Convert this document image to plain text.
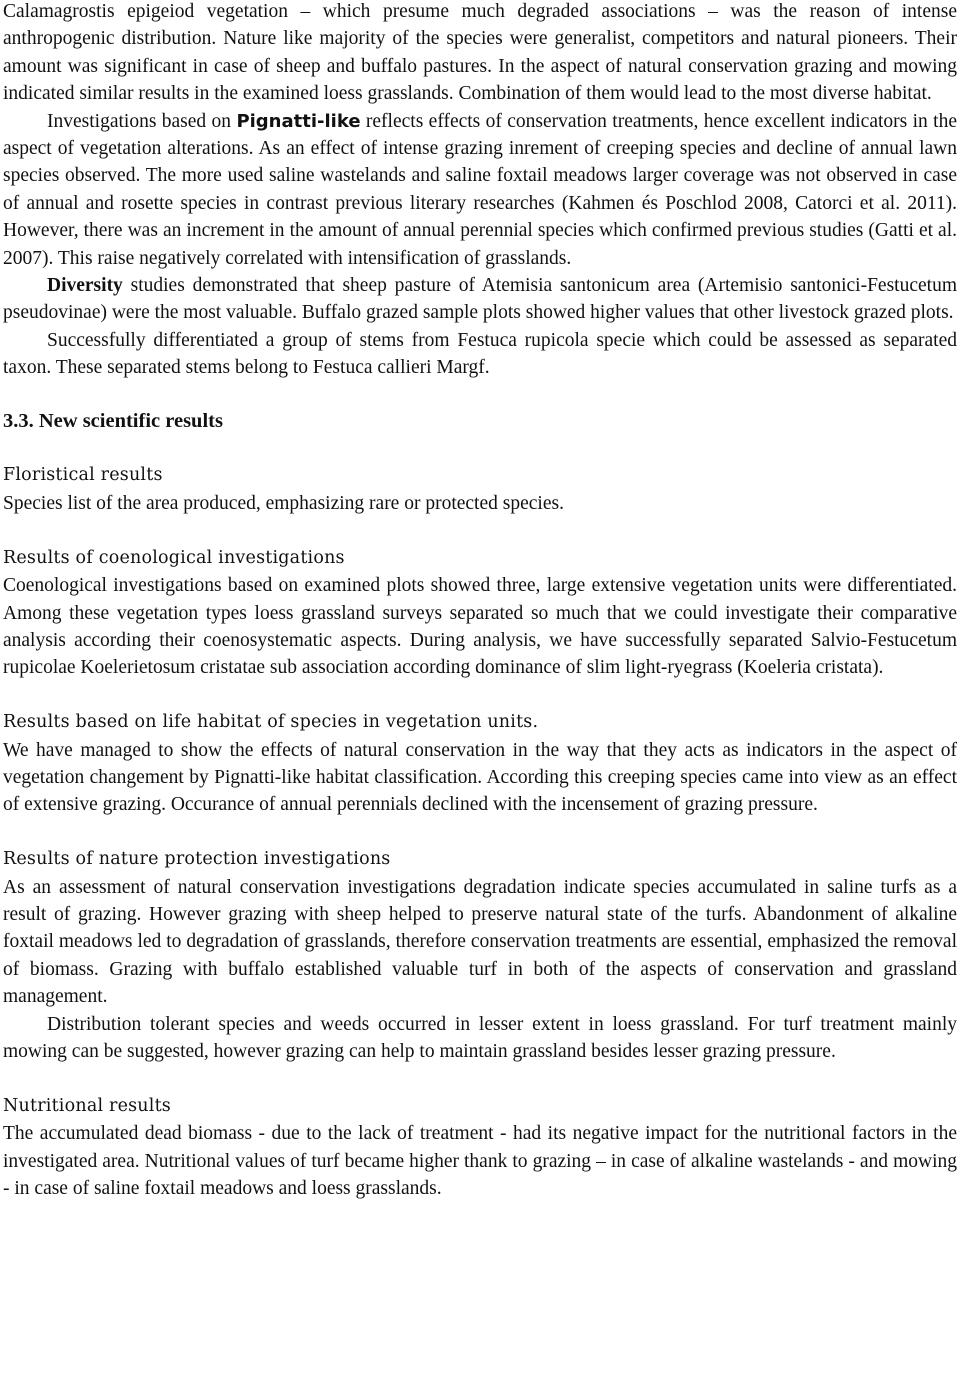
Calamagrostis epigeiod vegetation – which presume much degraded associations – was the reason of intense anthropogenic distribution. Nature like majority of the species were generalist, competitors and natural pioneers. Their amount was significant in case of sheep and buffalo pastures. In the aspect of natural conservation grazing and mowing indicated similar results in the examined loess grasslands. Combination of them would lead to the most diverse habitat.

Investigations based on Pignatti-like reflects effects of conservation treatments, hence excellent indicators in the aspect of vegetation alterations. As an effect of intense grazing inrement of creeping species and decline of annual lawn species observed. The more used saline wastelands and saline foxtail meadows larger coverage was not observed in case of annual and rosette species in contrast previous literary researches (Kahmen és Poschlod 2008, Catorci et al. 2011). However, there was an increment in the amount of annual perennial species which confirmed previous studies (Gatti et al. 2007). This raise negatively correlated with intensification of grasslands.

Diversity studies demonstrated that sheep pasture of Atemisia santonicum area (Artemisio santonici-Festucetum pseudovinae) were the most valuable. Buffalo grazed sample plots showed higher values that other livestock grazed plots.

Successfully differentiated a group of stems from Festuca rupicola specie which could be assessed as separated taxon. These separated stems belong to Festuca callieri Margf.

3.3. New scientific results

Floristical results

Species list of the area produced, emphasizing rare or protected species.

Results of coenological investigations

Coenological investigations based on examined plots showed three, large extensive vegetation units were differentiated. Among these vegetation types loess grassland surveys separated so much that we could investigate their comparative analysis according their coenosystematic aspects. During analysis, we have successfully separated Salvio-Festucetum rupicolae Koelerietosum cristatae sub association according dominance of slim light-ryegrass (Koeleria cristata).

Results based on life habitat of species in vegetation units.

We have managed to show the effects of natural conservation in the way that they acts as indicators in the aspect of vegetation changement by Pignatti-like habitat classification. According this creeping species came into view as an effect of extensive grazing. Occurance of annual perennials declined with the incensement of grazing pressure.

Results of nature protection investigations

As an assessment of natural conservation investigations degradation indicate species accumulated in saline turfs as a result of grazing. However grazing with sheep helped to preserve natural state of the turfs. Abandonment of alkaline foxtail meadows led to degradation of grasslands, therefore conservation treatments are essential, emphasized the removal of biomass. Grazing with buffalo established valuable turf in both of the aspects of conservation and grassland management.

Distribution tolerant species and weeds occurred in lesser extent in loess grassland. For turf treatment mainly mowing can be suggested, however grazing can help to maintain grassland besides lesser grazing pressure.

Nutritional results

The accumulated dead biomass - due to the lack of treatment - had its negative impact for the nutritional factors in the investigated area. Nutritional values of turf became higher thank to grazing – in case of alkaline wastelands - and mowing - in case of saline foxtail meadows and loess grasslands.
